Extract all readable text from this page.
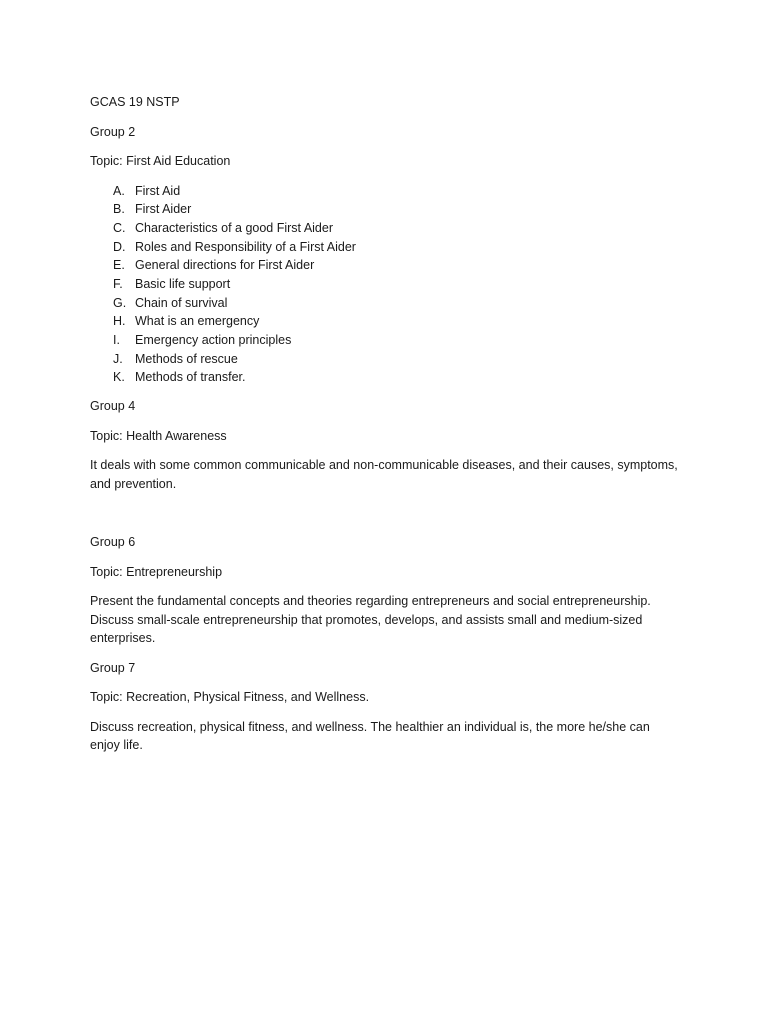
GCAS 19 NSTP

Group 2

Topic: First Aid Education

A. First Aid
B. First Aider
C. Characteristics of a good First Aider
D. Roles and Responsibility of a First Aider
E. General directions for First Aider
F. Basic life support
G. Chain of survival
H. What is an emergency
I. Emergency action principles
J. Methods of rescue
K. Methods of transfer.

Group 4

Topic: Health Awareness

It deals with some common communicable and non-communicable diseases, and their causes, symptoms, and prevention.

Group 6

Topic: Entrepreneurship

Present the fundamental concepts and theories regarding entrepreneurs and social entrepreneurship. Discuss small-scale entrepreneurship that promotes, develops, and assists small and medium-sized enterprises.

Group 7

Topic: Recreation, Physical Fitness, and Wellness.

Discuss recreation, physical fitness, and wellness. The healthier an individual is, the more he/she can enjoy life.
